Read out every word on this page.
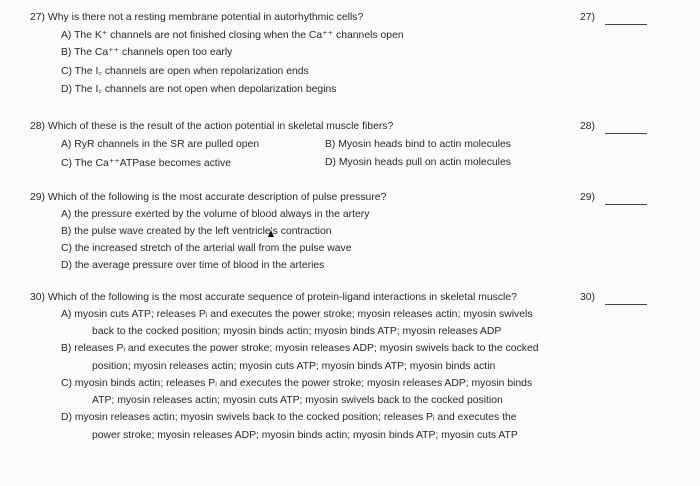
27) Why is there not a resting membrane potential in autorhythmic cells?	27)
A) The K⁺ channels are not finished closing when the Ca⁺⁺ channels open
B) The Ca⁺⁺ channels open too early
C) The I꜀ channels are open when repolarization ends
D) The I꜀ channels are not open when depolarization begins
28) Which of these is the result of the action potential in skeletal muscle fibers?	28)
A) RyR channels in the SR are pulled open	B) Myosin heads bind to actin molecules
C) The Ca⁺⁺ATPase becomes active	D) Myosin heads pull on actin molecules
29) Which of the following is the most accurate description of pulse pressure?	29)
A) the pressure exerted by the volume of blood always in the artery
B) the pulse wave created by the left ventricle's contraction
C) the increased stretch of the arterial wall from the pulse wave
D) the average pressure over time of blood in the arteries
30) Which of the following is the most accurate sequence of protein-ligand interactions in skeletal muscle?	30)
A) myosin cuts ATP; releases Pᵢ and executes the power stroke; myosin releases actin; myosin swivels
back to the cocked position; myosin binds actin; myosin binds ATP; myosin releases ADP
B) releases Pᵢ and executes the power stroke; myosin releases ADP; myosin swivels back to the cocked
position; myosin releases actin; myosin cuts ATP; myosin binds ATP; myosin binds actin
C) myosin binds actin; releases Pᵢ and executes the power stroke; myosin releases ADP; myosin binds
ATP; myosin releases actin; myosin cuts ATP; myosin swivels back to the cocked position
D) myosin releases actin; myosin swivels back to the cocked position; releases Pᵢ and executes the
power stroke; myosin releases ADP; myosin binds actin; myosin binds ATP; myosin cuts ATP
